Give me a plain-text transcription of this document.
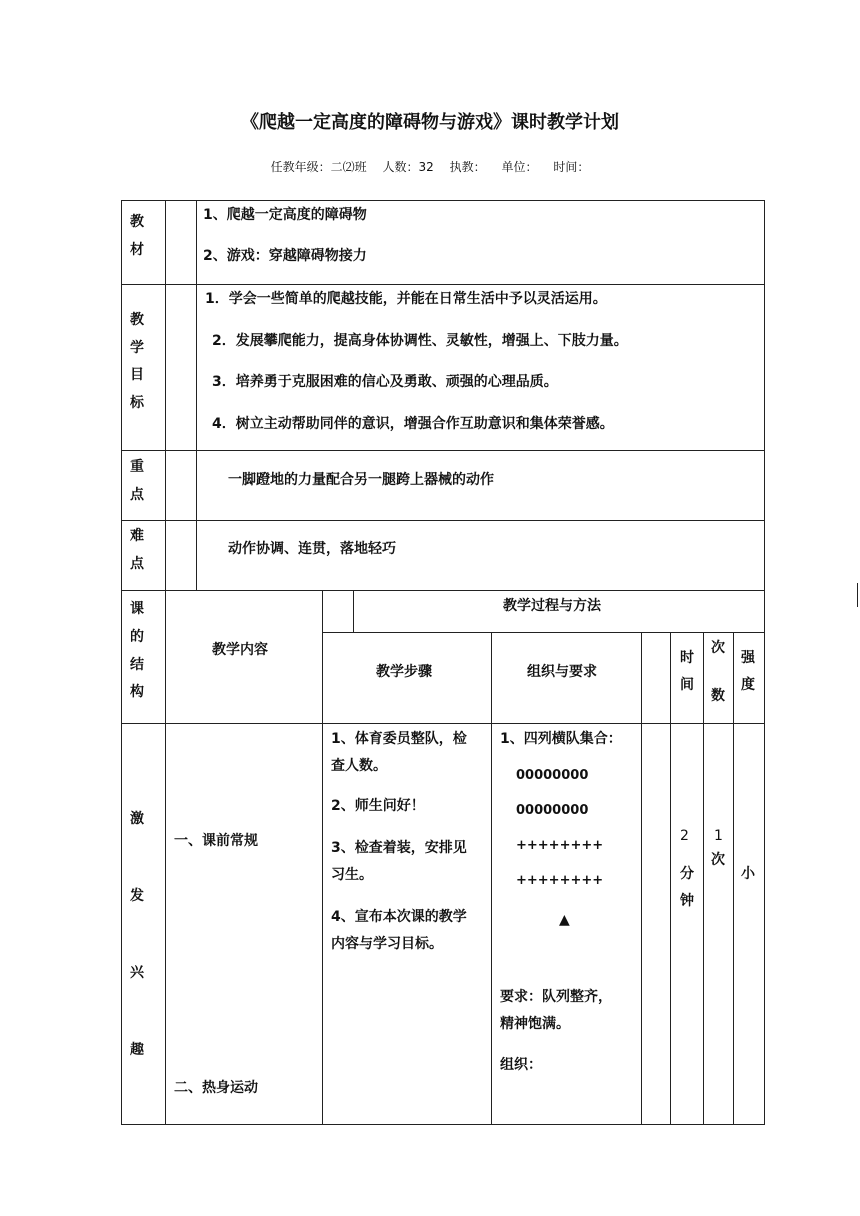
《爬越一定高度的障碍物与游戏》课时教学计划
任教年级：二⑵班 人数：32 执教： 单位： 时间：
教
材
1、爬越一定高度的障碍物
2、游戏：穿越障碍物接力
教
学
目
标
1．学会一些简单的爬越技能，并能在日常生活中予以灵活运用。
2．发展攀爬能力，提高身体协调性、灵敏性，增强上、下肢力量。
3．培养勇于克服困难的信心及勇敢、顽强的心理品质。
4．树立主动帮助同伴的意识，增强合作互助意识和集体荣誉感。
重
点
一脚蹬地的力量配合另一腿跨上器械的动作
难
点
动作协调、连贯，落地轻巧
课
的
结
构
教学内容
教学过程与方法
教学步骤	组织与要求
时
间
次
数
强
度
激
发
兴
趣
一、课前常规
二、热身运动
1、体育委员整队，检
查人数。
2、师生问好！
3、检查着装，安排见
习生。
4、宣布本次课的教学
内容与学习目标。
1、四列横队集合：
00000000
00000000
++++++++
++++++++
▲
要求：队列整齐，
精神饱满。
组织：
2
分
钟
1
次
小
